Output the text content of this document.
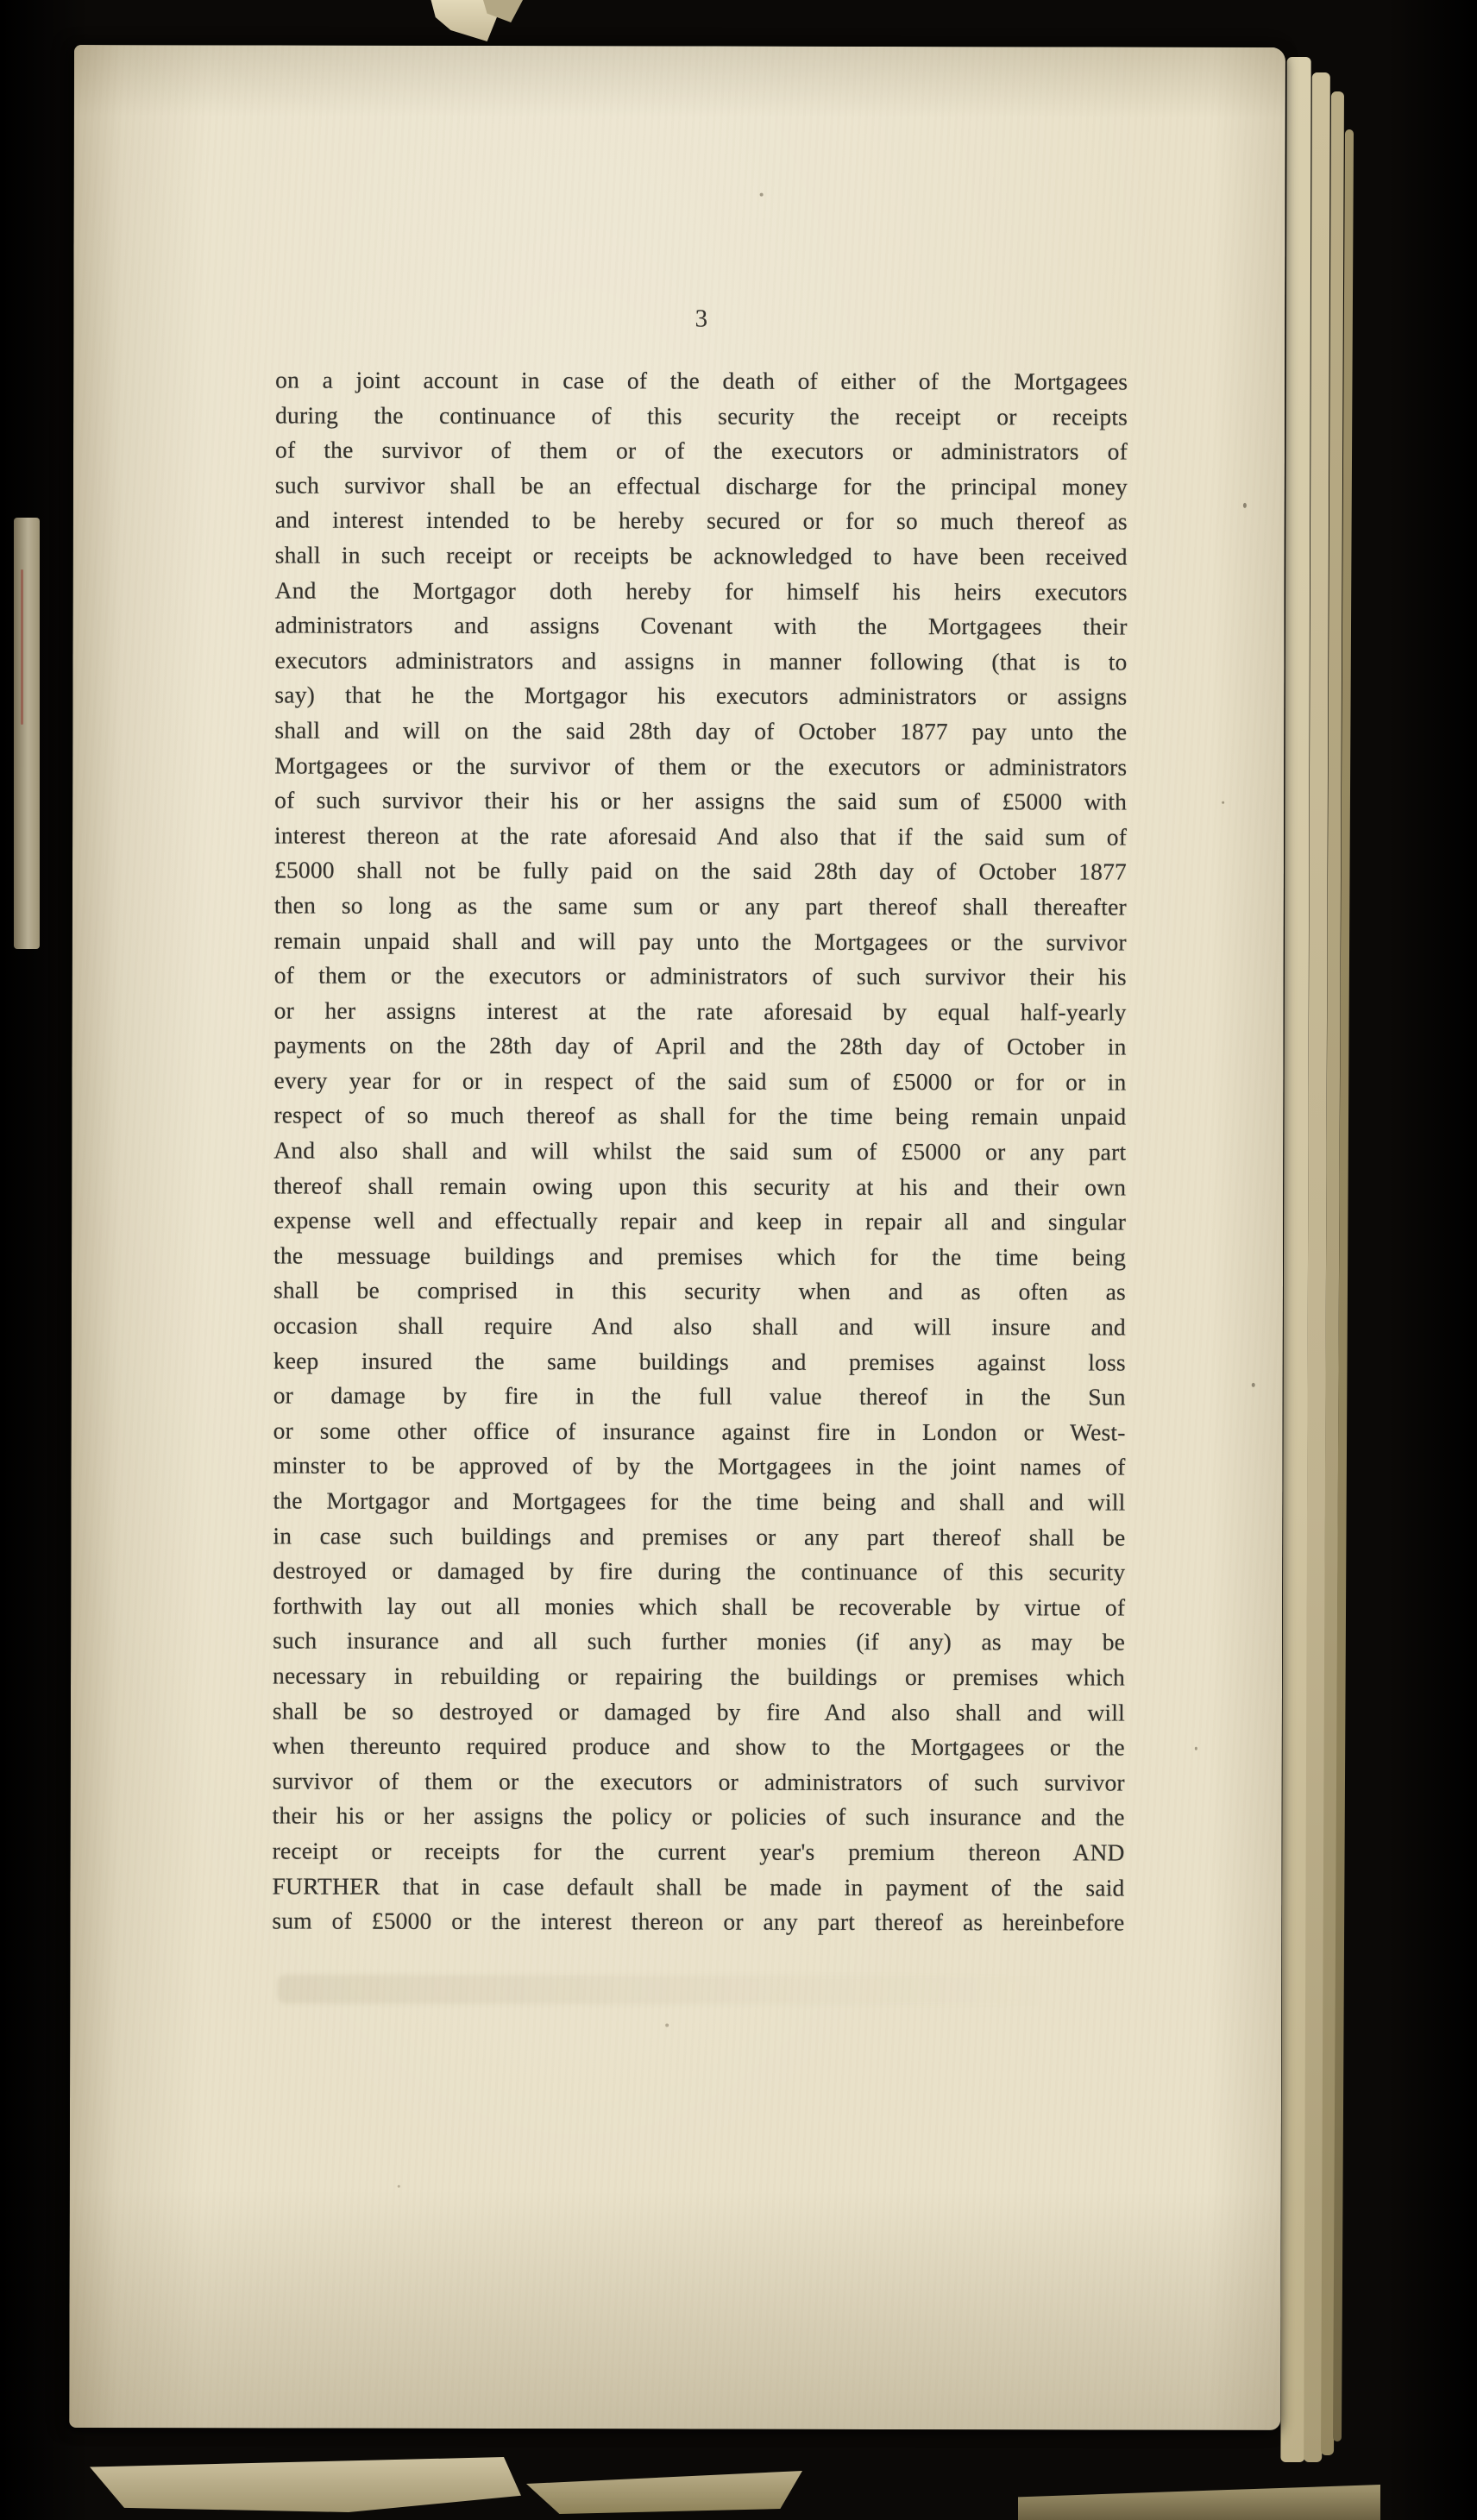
3
on a joint account in case of the death of either of the Mortgagees
during the continuance of this security the receipt or receipts
of the survivor of them or of the executors or administrators of
such survivor shall be an effectual discharge for the principal money
and interest intended to be hereby secured or for so much thereof as
shall in such receipt or receipts be acknowledged to have been received
And the Mortgagor doth hereby for himself his heirs executors
administrators and assigns Covenant with the Mortgagees their
executors administrators and assigns in manner following (that is to
say) that he the Mortgagor his executors administrators or assigns
shall and will on the said 28th day of October 1877 pay unto the
Mortgagees or the survivor of them or the executors or administrators
of such survivor their his or her assigns the said sum of £5000 with
interest thereon at the rate aforesaid And also that if the said sum of
£5000 shall not be fully paid on the said 28th day of October 1877
then so long as the same sum or any part thereof shall thereafter
remain unpaid shall and will pay unto the Mortgagees or the survivor
of them or the executors or administrators of such survivor their his
or her assigns interest at the rate aforesaid by equal half-yearly
payments on the 28th day of April and the 28th day of October in
every year for or in respect of the said sum of £5000 or for or in
respect of so much thereof as shall for the time being remain unpaid
And also shall and will whilst the said sum of £5000 or any part
thereof shall remain owing upon this security at his and their own
expense well and effectually repair and keep in repair all and singular
the messuage buildings and premises which for the time being
shall be comprised in this security when and as often as
occasion shall require And also shall and will insure and
keep insured the same buildings and premises against loss
or damage by fire in the full value thereof in the Sun
or some other office of insurance against fire in London or West-
minster to be approved of by the Mortgagees in the joint names of
the Mortgagor and Mortgagees for the time being and shall and will
in case such buildings and premises or any part thereof shall be
destroyed or damaged by fire during the continuance of this security
forthwith lay out all monies which shall be recoverable by virtue of
such insurance and all such further monies (if any) as may be
necessary in rebuilding or repairing the buildings or premises which
shall be so destroyed or damaged by fire And also shall and will
when thereunto required produce and show to the Mortgagees or the
survivor of them or the executors or administrators of such survivor
their his or her assigns the policy or policies of such insurance and the
receipt or receipts for the current year's premium thereon AND
FURTHER that in case default shall be made in payment of the said
sum of £5000 or the interest thereon or any part thereof as hereinbefore
